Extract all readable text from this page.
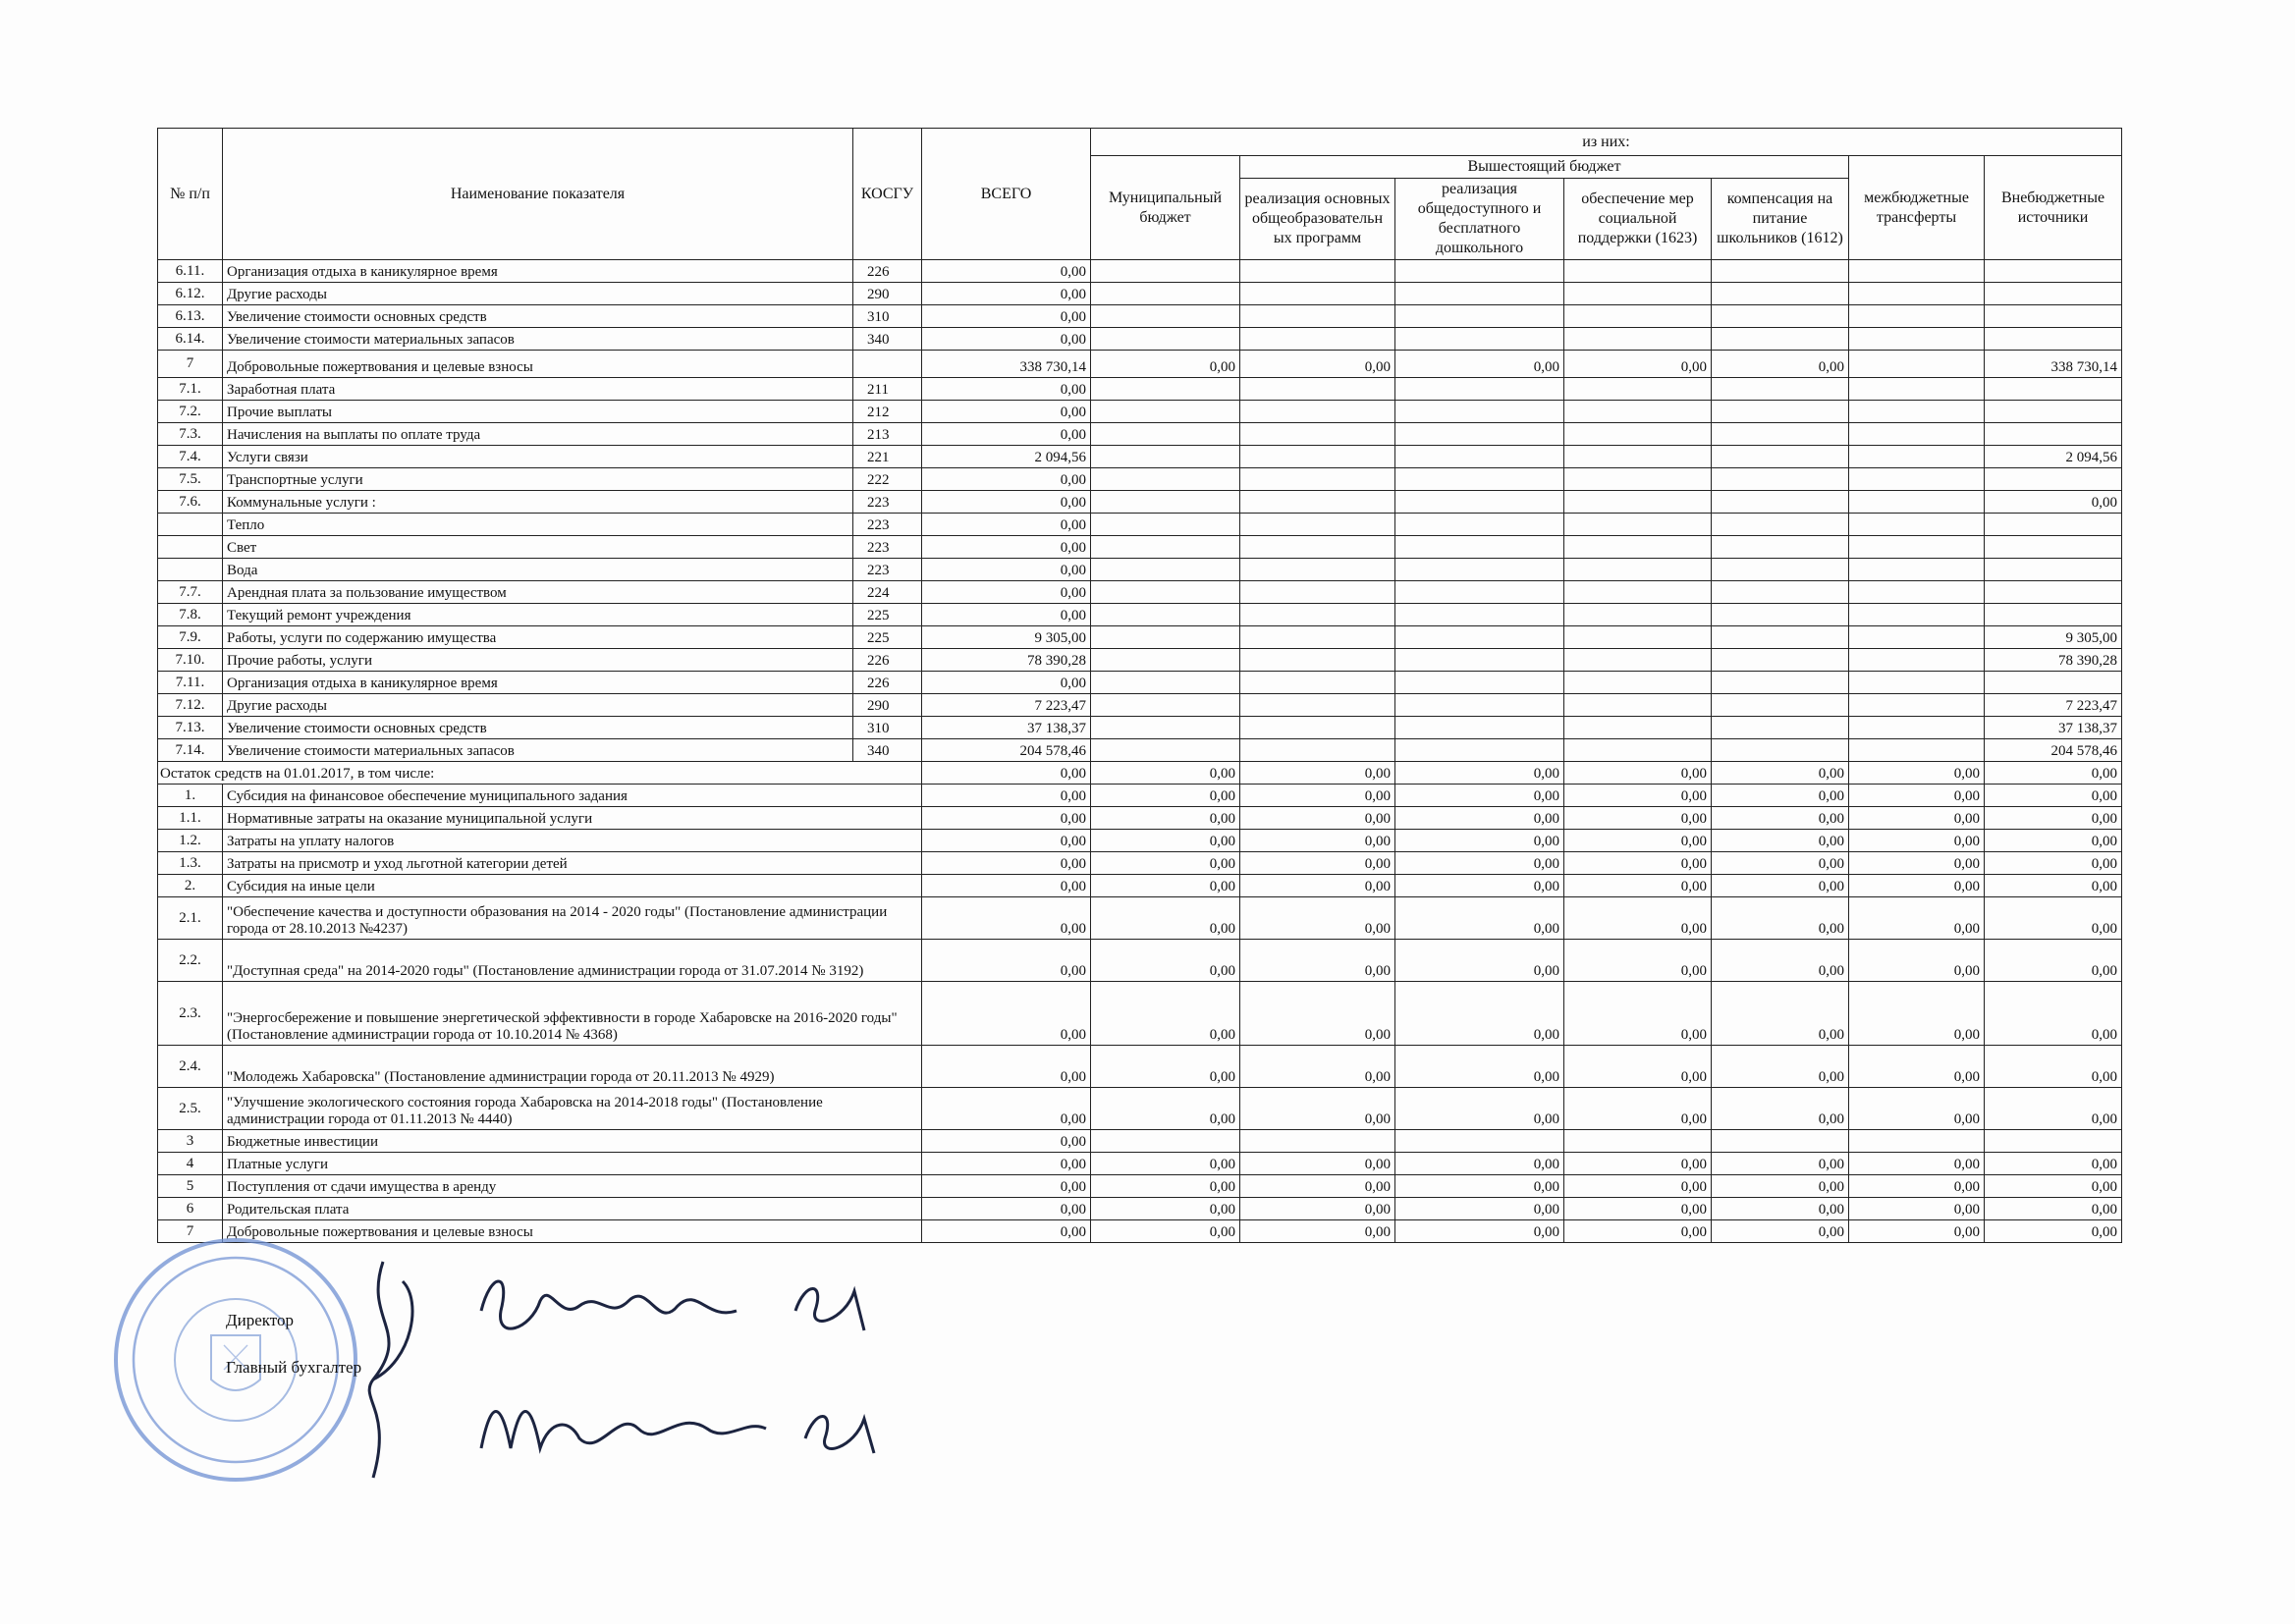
№ п/п	Наименование показателя	КОСГУ	ВСЕГО	из них:						
				Муниципальный бюджет	Вышестоящий бюджет				межбюджетные трансферты	Внебюджетные источники
					реализация основных общеобразовательн ых программ	реализация общедоступного и бесплатного дошкольного	обеспечение мер социальной поддержки (1623)	компенсация на питание школьников (1612)		
6.11.	Организация отдыха в каникулярное время	226	0,00							
6.12.	Другие расходы	290	0,00							
6.13.	Увеличение стоимости основных средств	310	0,00							
6.14.	Увеличение стоимости материальных запасов	340	0,00							
7	Добровольные пожертвования и целевые взносы		338 730,14	0,00	0,00	0,00	0,00	0,00		338 730,14
7.1.	Заработная плата	211	0,00							
7.2.	Прочие выплаты	212	0,00							
7.3.	Начисления на выплаты по оплате труда	213	0,00							
7.4.	Услуги связи	221	2 094,56							2 094,56
7.5.	Транспортные услуги	222	0,00							
7.6.	Коммунальные услуги :	223	0,00							0,00
	Тепло	223	0,00							
	Свет	223	0,00							
	Вода	223	0,00							
7.7.	Арендная плата за пользование имуществом	224	0,00							
7.8.	Текущий ремонт учреждения	225	0,00							
7.9.	Работы, услуги по содержанию имущества	225	9 305,00							9 305,00
7.10.	Прочие работы, услуги	226	78 390,28							78 390,28
7.11.	Организация отдыха в каникулярное время	226	0,00							
7.12.	Другие расходы	290	7 223,47							7 223,47
7.13.	Увеличение стоимости основных средств	310	37 138,37							37 138,37
7.14.	Увеличение стоимости материальных запасов	340	204 578,46							204 578,46
Остаток средств на 01.01.2017, в том числе:			0,00	0,00	0,00	0,00	0,00	0,00	0,00	0,00
1.	Субсидия на финансовое обеспечение муниципального задания		0,00	0,00	0,00	0,00	0,00	0,00	0,00	0,00
1.1.	Нормативные затраты на оказание муниципальной услуги		0,00	0,00	0,00	0,00	0,00	0,00	0,00	0,00
1.2.	Затраты на уплату налогов		0,00	0,00	0,00	0,00	0,00	0,00	0,00	0,00
1.3.	Затраты на присмотр и уход льготной категории детей		0,00	0,00	0,00	0,00	0,00	0,00	0,00	0,00
2.	Субсидия на иные цели		0,00	0,00	0,00	0,00	0,00	0,00	0,00	0,00
2.1.	"Обеспечение качества и доступности образования на 2014 - 2020 годы" (Постановление администрации города от 28.10.2013 №4237)		0,00	0,00	0,00	0,00	0,00	0,00	0,00	0,00
2.2.	"Доступная среда" на 2014-2020 годы" (Постановление администрации города от 31.07.2014 № 3192)		0,00	0,00	0,00	0,00	0,00	0,00	0,00	0,00
2.3.	"Энергосбережение и повышение энергетической эффективности в городе Хабаровске на 2016-2020 годы" (Постановление администрации города от 10.10.2014 № 4368)		0,00	0,00	0,00	0,00	0,00	0,00	0,00	0,00
2.4.	"Молодежь Хабаровска" (Постановление администрации города от 20.11.2013 № 4929)		0,00	0,00	0,00	0,00	0,00	0,00	0,00	0,00
2.5.	"Улучшение экологического состояния города Хабаровска на 2014-2018 годы" (Постановление администрации города от 01.11.2013 № 4440)		0,00	0,00	0,00	0,00	0,00	0,00	0,00	0,00
3	Бюджетные инвестиции		0,00							
4	Платные услуги		0,00	0,00	0,00	0,00	0,00	0,00	0,00	0,00
5	Поступления от сдачи имущества в аренду		0,00	0,00	0,00	0,00	0,00	0,00	0,00	0,00
6	Родительская плата		0,00	0,00	0,00	0,00	0,00	0,00	0,00	0,00
7	Добровольные пожертвования и целевые взносы		0,00	0,00	0,00	0,00	0,00	0,00	0,00	0,00
Директор
Главный бухгалтер
